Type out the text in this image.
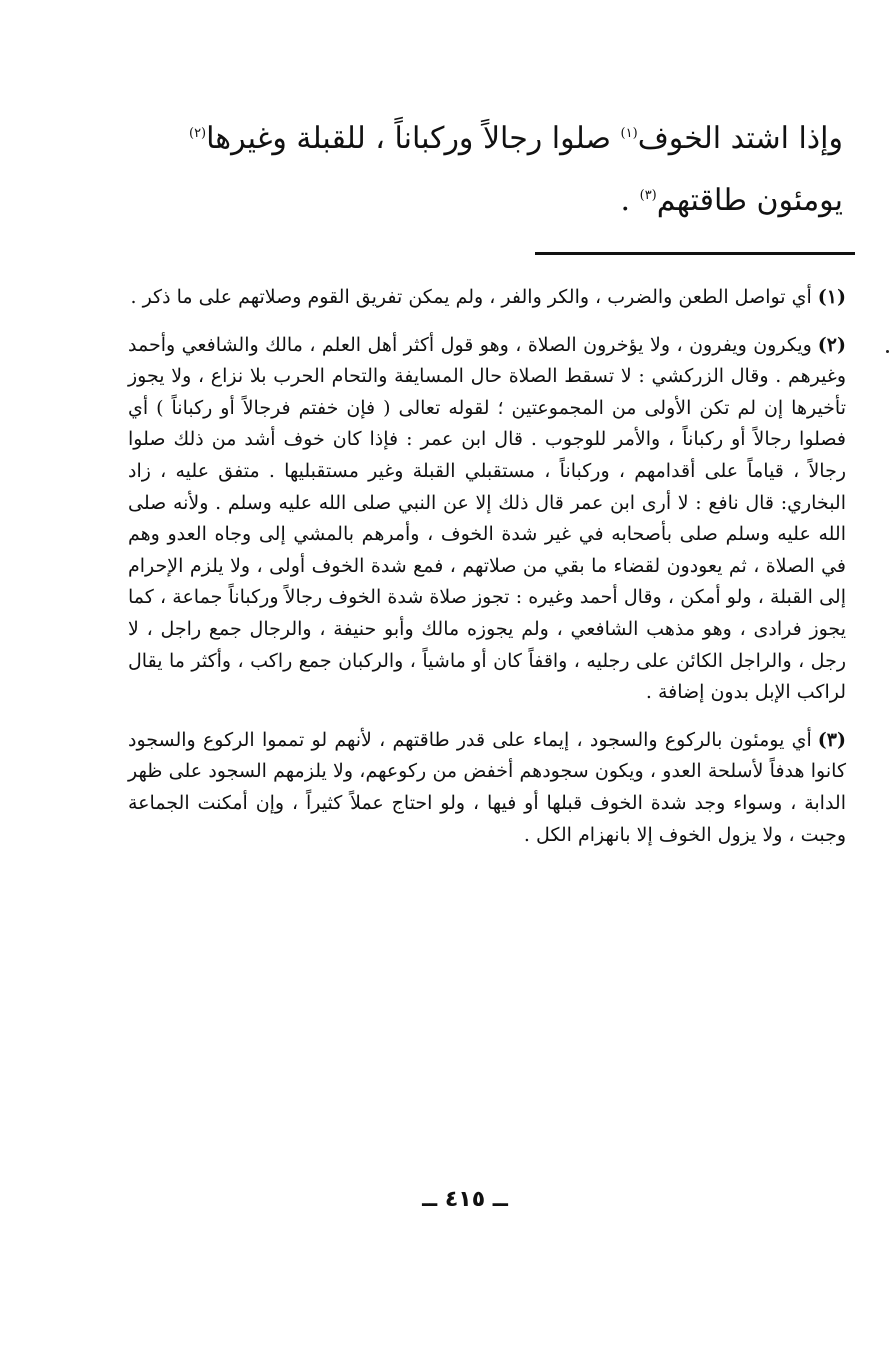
وإذا اشتد الخوف$^{(١)}$ صلوا رجالاً وركباناً ، للقبلة وغيرها$^{(٢)}$
يومئون طاقتهم$^{(٣)}$ .

(١)أي تواصل الطعن والضرب ، والكر والفر ، ولم يمكن تفريق القوم وصلاتهم على ما ذكر .

(٢)ويكرون ويفرون ، ولا يؤخرون الصلاة ، وهو قول أكثر أهل العلم ، مالك والشافعي وأحمد وغيرهم . وقال الزركشي : لا تسقط الصلاة حال المسايفة والتحام الحرب بلا نزاع ، ولا يجوز تأخيرها إن لم تكن الأولى من المجموعتين ؛ لقوله تعالى ( فإن خفتم فرجالاً أو ركباناً ) أي فصلوا رجالاً أو ركباناً ، والأمر للوجوب . قال ابن عمر : فإذا كان خوف أشد من ذلك صلوا رجالاً ، قياماً على أقدامهم ، وركباناً ، مستقبلي القبلة وغير مستقبليها . متفق عليه ، زاد البخاري: قال نافع : لا أرى ابن عمر قال ذلك إلا عن النبي صلى الله عليه وسلم . ولأنه صلى الله عليه وسلم صلى بأصحابه في غير شدة الخوف ، وأمرهم بالمشي إلى وجاه العدو وهم في الصلاة ، ثم يعودون لقضاء ما بقي من صلاتهم ، فمع شدة الخوف أولى ، ولا يلزم الإحرام إلى القبلة ، ولو أمكن ، وقال أحمد وغيره : تجوز صلاة شدة الخوف رجالاً وركباناً جماعة ، كما يجوز فرادى ، وهو مذهب الشافعي ، ولم يجوزه مالك وأبو حنيفة ، والرجال جمع راجل ، لا رجل ، والراجل الكائن على رجليه ، واقفاً كان أو ماشياً ، والركبان جمع راكب ، وأكثر ما يقال لراكب الإبل بدون إضافة .

(٣)أي يومئون بالركوع والسجود ، إيماء على قدر طاقتهم ، لأنهم لو تمموا الركوع والسجود كانوا هدفاً لأسلحة العدو ، ويكون سجودهم أخفض من ركوعهم، ولا يلزمهم السجود على ظهر الدابة ، وسواء وجد شدة الخوف قبلها أو فيها ، ولو احتاج عملاً كثيراً ، وإن أمكنت الجماعة وجبت ، ولا يزول الخوف إلا بانهزام الكل .

ــ ٤١٥ ــ
